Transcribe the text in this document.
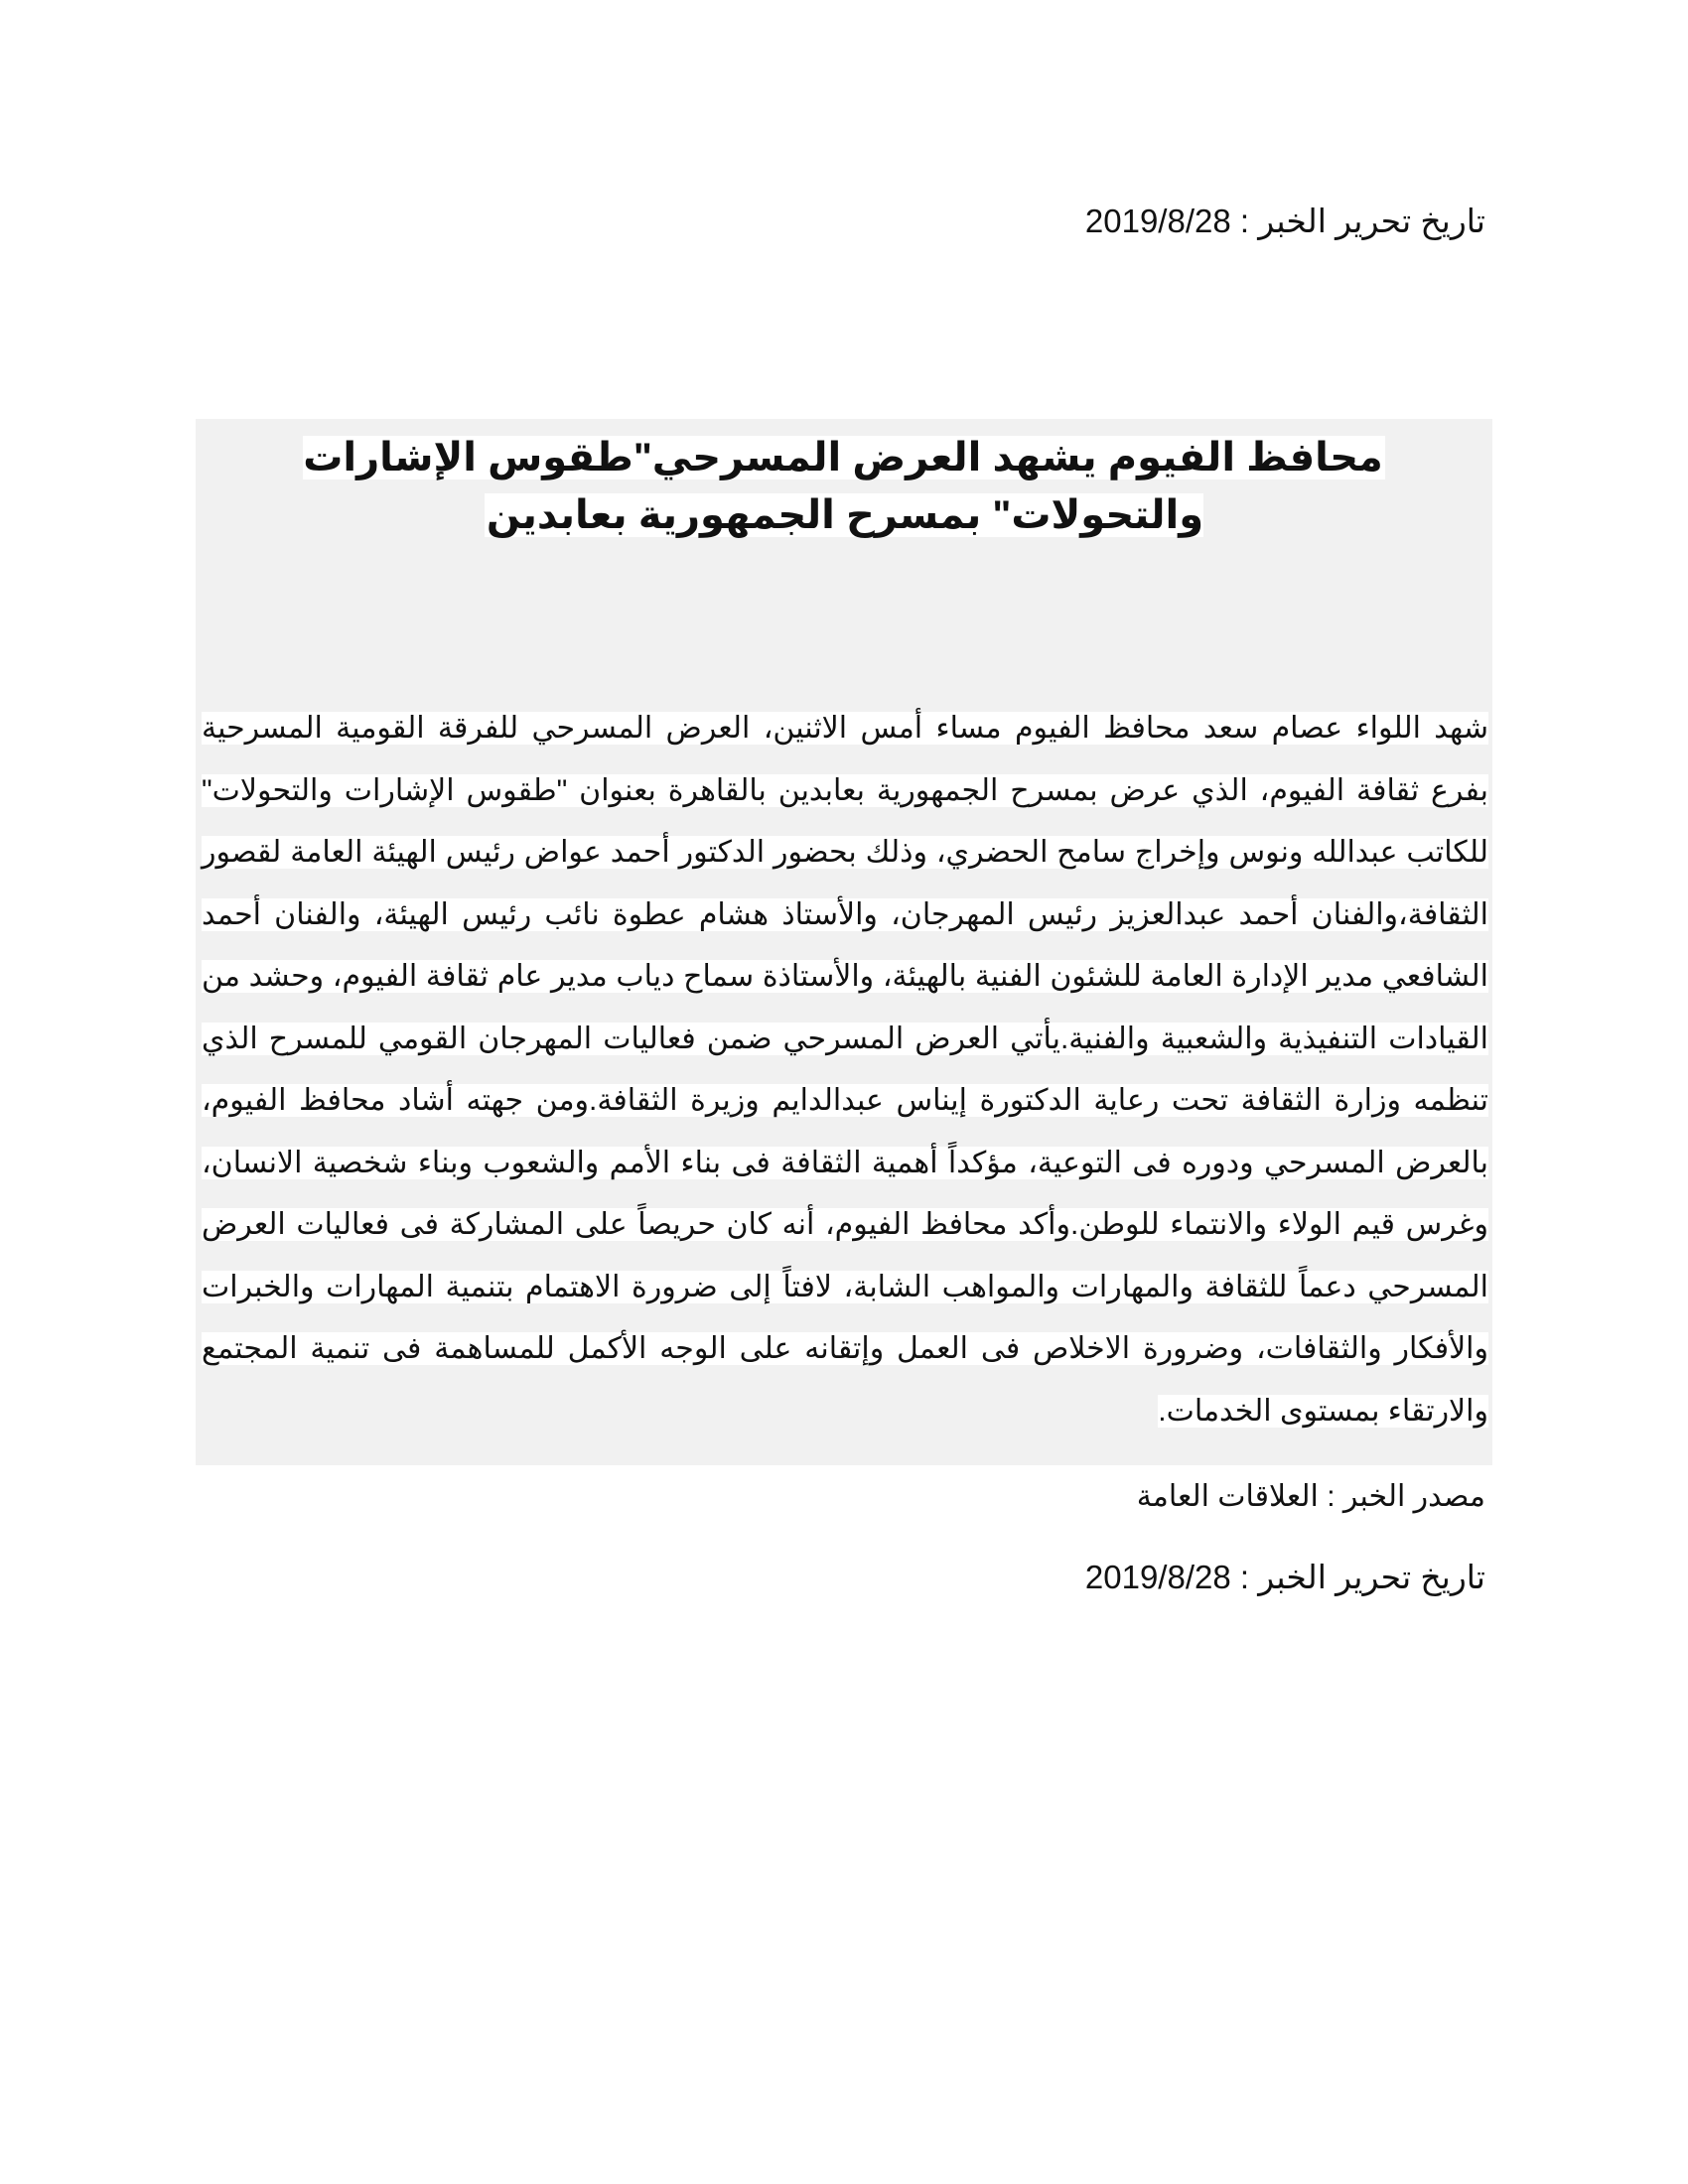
تاريخ تحرير الخبر : 2019/8/28
محافظ الفيوم يشهد العرض المسرحي"طقوس الإشارات والتحولات" بمسرح الجمهورية بعابدين

شهد اللواء عصام سعد محافظ الفيوم مساء أمس الاثنين، العرض المسرحي للفرقة القومية المسرحية بفرع ثقافة الفيوم، الذي عرض بمسرح الجمهورية بعابدين بالقاهرة بعنوان "طقوس الإشارات والتحولات" للكاتب عبدالله ونوس وإخراج سامح الحضري، وذلك بحضور الدكتور أحمد عواض رئيس الهيئة العامة لقصور الثقافة،والفنان أحمد عبدالعزيز رئيس المهرجان، والأستاذ هشام عطوة نائب رئيس الهيئة، والفنان أحمد الشافعي مدير الإدارة العامة للشئون الفنية بالهيئة، والأستاذة سماح دياب مدير عام ثقافة الفيوم، وحشد من القيادات التنفيذية والشعبية والفنية.يأتي العرض المسرحي ضمن فعاليات المهرجان القومي للمسرح الذي تنظمه وزارة الثقافة تحت رعاية الدكتورة إيناس عبدالدايم وزيرة الثقافة.ومن جهته أشاد محافظ الفيوم، بالعرض المسرحي ودوره فى التوعية، مؤكداً أهمية الثقافة فى بناء الأمم والشعوب وبناء شخصية الانسان، وغرس قيم الولاء والانتماء للوطن.وأكد محافظ الفيوم، أنه كان حريصاً على المشاركة فى فعاليات العرض المسرحي دعماً للثقافة والمهارات والمواهب الشابة، لافتاً إلى ضرورة الاهتمام بتنمية المهارات والخبرات والأفكار والثقافات، وضرورة الاخلاص فى العمل وإتقانه على الوجه الأكمل للمساهمة فى تنمية المجتمع والارتقاء بمستوى الخدمات.

مصدر الخبر : العلاقات العامة
تاريخ تحرير الخبر : 2019/8/28
